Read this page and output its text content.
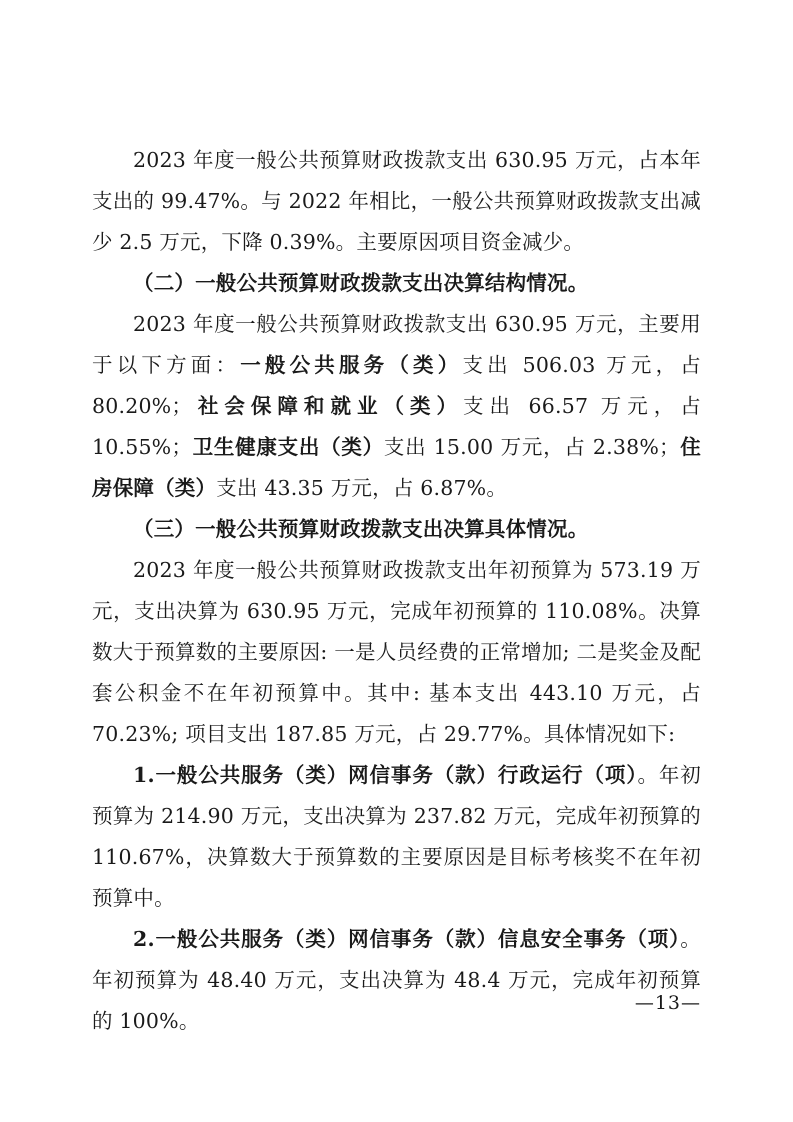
2023 年度一般公共预算财政拨款支出 630.95 万元，占本年支出的 99.47%。与 2022 年相比，一般公共预算财政拨款支出减少 2.5 万元，下降 0.39%。主要原因项目资金减少。

（二）一般公共预算财政拨款支出决算结构情况。

2023 年度一般公共预算财政拨款支出 630.95 万元，主要用于以下方面：一般公共服务（类）支出 506.03 万元，占 80.20%；社会保障和就业（类）支出 66.57 万元，占 10.55%；卫生健康支出（类）支出 15.00 万元，占 2.38%；住房保障（类）支出 43.35 万元，占 6.87%。

（三）一般公共预算财政拨款支出决算具体情况。

2023 年度一般公共预算财政拨款支出年初预算为 573.19 万元，支出决算为 630.95 万元，完成年初预算的 110.08%。决算数大于预算数的主要原因: 一是人员经费的正常增加; 二是奖金及配套公积金不在年初预算中。其中: 基本支出 443.10 万元，占 70.23%; 项目支出 187.85 万元，占 29.77%。具体情况如下:

1.一般公共服务（类）网信事务（款）行政运行（项）。年初预算为 214.90 万元，支出决算为 237.82 万元，完成年初预算的 110.67%，决算数大于预算数的主要原因是目标考核奖不在年初预算中。

2.一般公共服务（类）网信事务（款）信息安全事务（项）。年初预算为 48.40 万元，支出决算为 48.4 万元，完成年初预算的 100%。

—13—
